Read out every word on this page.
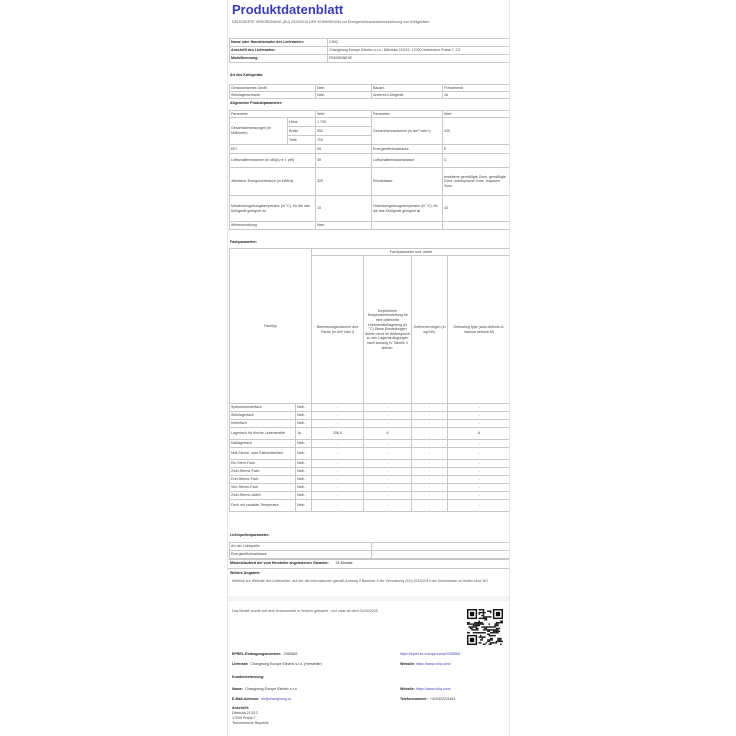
Produktdatenblatt
DELEGIERTE VERORDNUNG (EU) 2019/2016 DER KOMMISSION zur Energieverbrauchskennzeichnung von Kühlgeräten
Name oder Handelsmarke des Lieferanten:	CHiQ
Anschrift des Lieferanten:	Changhong Europe Electric s.r.o., Dělnická 213/12, 17000 Holešovice Praha 7, CZ
Modellkennung:	FBM350NE4E
Art des Kühlgeräts:
Geräuscharmes Gerät:	Nein	Bauart:	Freistehend
Weinlagerschrank:	Nein	Anderes Kühlgerät:	Ja
Allgemeine Produktparameter:
Parameter	Wert	Parameter	Wert
Gesamtabmessungen (in Millimeter)	Höhe	1 795	Gesamtnennvolumen (in dm³ oder l)	335
Breite	552
Tiefe	704
EEI	95	Energieeffizienzklasse	E
Luftschallemissionen (in dB(A) re 1 pW)	39	Luftschallemissionsklasse	C
Jährlicher Energieverbrauch (in kWh/a)	320	Klimaklasse:	erweiterte gemäßigte Zone, gemäßigte Zone, subtropische Zone, tropische Zone
Mindestumgebungstemperatur (in °C), für die das Kühlgerät geeignet ist	10	Höchstumgebungstemperatur (in °C), für die das Kühlgerät geeignet ist	43
Winterschaltung	Nein		
Fachparameter:
Fachtyp	Fachparameter und -werte
Bemessungsvolumen des Fachs (in dm³ oder l)	Empfohlene Temperatureinstellung für eine optimierte Lebensmittellagerung (in °C) Diese Einstellungen dürfen nicht im Widerspruch zu den Lagerbedingungen nach Anhang IV Tabelle 3 stehen.	Gefriervermögen (in kg/24h)	Defrosting type (auto-defrost=A, manual defrost=M)
Speisekammerfach	Nein	-	-	-	-
Weinlagerfach	Nein	-	-	-	-
Kellerfach	Nein	-	-	-	-
Lagerfach für frische Lebensmittel	Ja	256,0	6	-	A
Kaltlagerfach	Nein	-	-	-	-
Null-Sterne- oder Eisbereiterfach	Nein	-	-	-	-
Ein-Stern-Fach	Nein	-	-	-	-
Zwei-Sterne-Fach	Nein	-	-	-	-
Drei-Sterne-Fach	Nein	-	-	-	-
Vier-Sterne-Fach	Nein	-	-	-	-
Zwei-Sterne-Abteil	Nein	-	-	-	-
Fach mit variabler Temperatur	Nein	-	-	-	-
Lichtquellenparameter:
Art der Lichtquelle	-
Energieeffizienzklasse	-
Mindestlaufzeit der vom Hersteller angebotenen Garantie: 24 Monate
Weitere Angaben:
Weblink zur Website des Lieferanten, auf der die Informationen gemäß Anhang II Nummer 4 der Verordnung (EU) 2019/2019 der Kommission zu finden sind: NO
Das Modell wurde auf dem Unionsmarkt in Verkehr gebracht , und zwar ab dem 01/04/2025
EPREL-Eintragungsnummer: 2265563	https://eprel.ec.europa.eu/qr/2265563
Lieferant: Changhong Europe Electric s.r.o. (Hersteller)	Website: https://www.chiq.com/
Kundenbetreuung:
Name: Changhong Europe Electric s.r.o.	Website: https://www.chiq.com/
E-Mail-Adresse: eh@changhong.cz	Telefonnummer: +420322211611
Anschrift:
Dělnická 213/12
17000 Praha 7
Tschechische Republik
